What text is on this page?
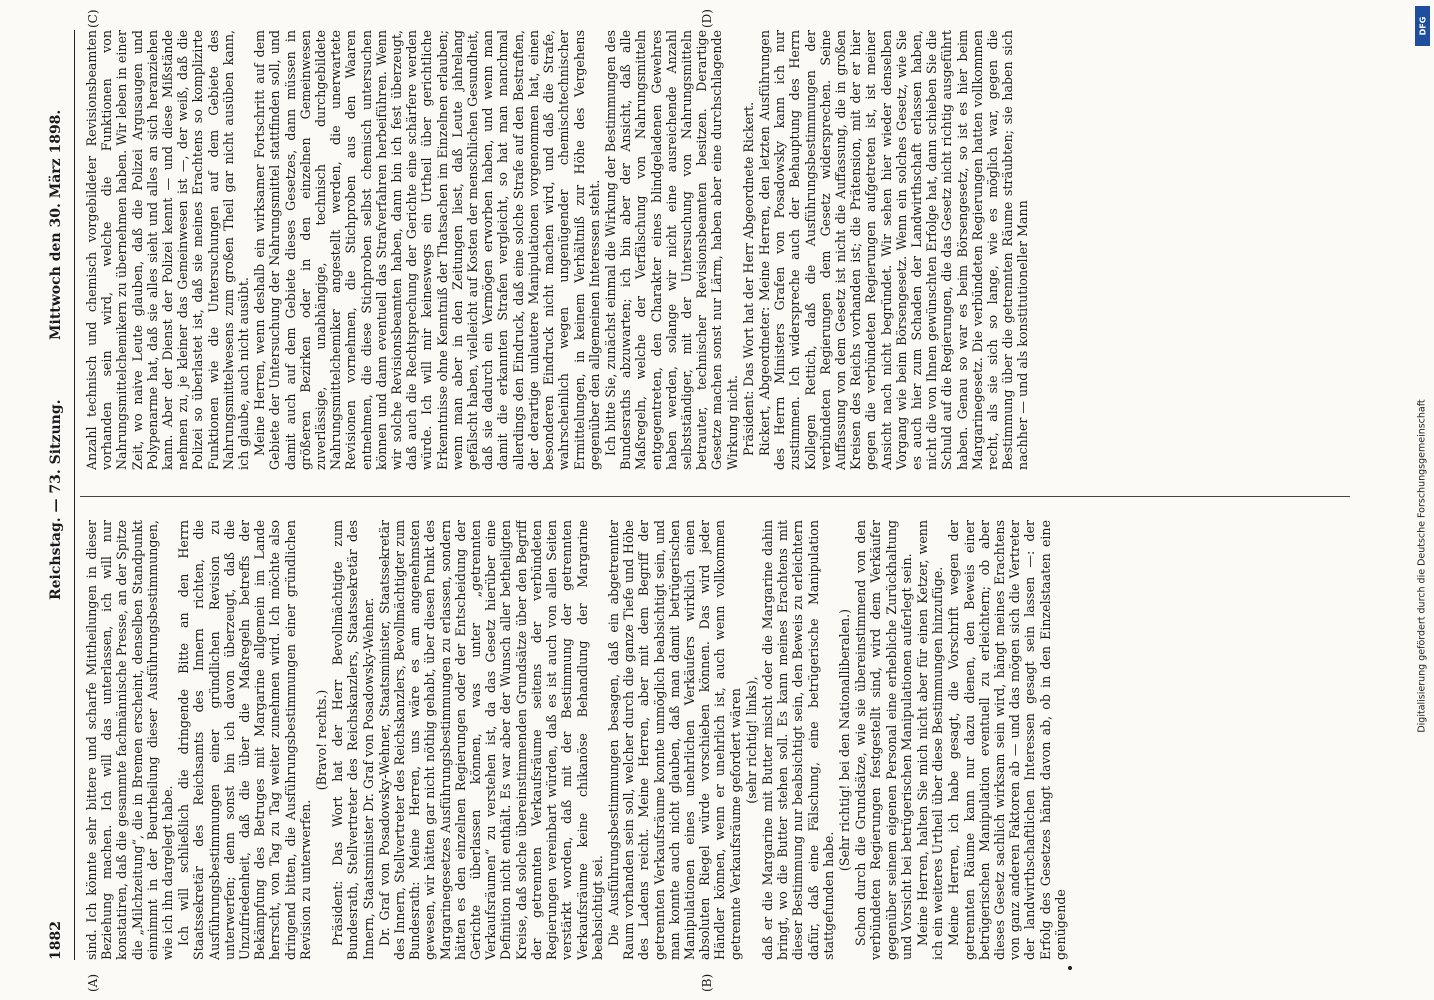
1882
Reichstag. — 73. Sitzung.
Mittwoch den 30. März 1898.
(A)	(B)
(C)	(D)

sind. Ich könnte sehr bittere und scharfe Mittheilungen in dieser Beziehung machen. Ich will das unterlassen, ich will nur konstatiren, daß die gesammte fachmännische Presse, an der Spitze die „Milchzeitung“, die in Bremen erscheint, denselben Standpunkt einnimmt in der Beurtheilung dieser Ausführungsbestimmungen, wie ich ihn dargelegt habe. Ich will schließlich die dringende Bitte an den Herrn Staatssekretär des Reichsamts des Innern richten, die Ausführungsbestimmungen einer gründlichen Revision zu unterwerfen; denn sonst bin ich davon überzeugt, daß die Unzufriedenheit, daß die über die Maßregeln betreffs der Bekämpfung des Betruges mit Margarine allgemein im Lande herrscht, von Tag zu Tag weiter zunehmen wird. Ich möchte also dringend bitten, die Ausführungsbestimmungen einer gründlichen Revision zu unterwerfen.

(Bravo! rechts.) Präsident: Das Wort hat der Herr Bevollmächtigte zum Bundesrath, Stellvertreter des Reichskanzlers, Staatssekretär des Innern, Staatsminister Dr. Graf von Posadowsky-Wehner. Dr. Graf von Posadowsky-Wehner, Staatsminister, Staatssekretär des Innern, Stellvertreter des Reichskanzlers, Bevollmächtigter zum Bundesrath: Meine Herren, uns wäre es am angenehmsten gewesen, wir hätten gar nicht nöthig gehabt, über diesen Punkt des Margarinegesetzes Ausführungsbestimmungen zu erlassen, sondern hätten es den einzelnen Regierungen oder der Entscheidung der Gerichte überlassen können, was unter „getrennten Verkaufsräumen“ zu verstehen ist, da das Gesetz hierüber eine Definition nicht enthält. Es war aber der Wunsch aller betheiligten Kreise, daß solche übereinstimmenden Grundsätze über den Begriff der getrennten Verkaufsräume seitens der verbündeten Regierungen vereinbart würden, daß es ist auch von allen Seiten verstärkt worden, daß mit der Bestimmung der getrennten Verkaufsräume keine chikanöse Behandlung der Margarine beabsichtigt sei. Die Ausführungsbestimmungen besagen, daß ein abgetrennter Raum vorhanden sein soll, welcher durch die ganze Tiefe und Höhe des Ladens reicht. Meine Herren, aber mit dem Begriff der getrennten Verkaufsräume konnte unmöglich beabsichtigt sein, und man konnte auch nicht glauben, daß man damit betrügerischen Manipulationen eines unehrlichen Verkäufers wirklich einen absoluten Riegel würde vorschieben können. Das wird jeder Händler können, wenn er unehrlich ist, auch wenn vollkommen getrennte Verkaufsräume gefordert wären (sehr richtig! links), daß er die Margarine mit Butter mischt oder die Margarine dahin bringt, wo die Butter stehen soll. Es kann meines Erachtens mit dieser Bestimmung nur beabsichtigt sein, den Beweis zu erleichtern dafür, daß eine Fälschung, eine betrügerische Manipulation stattgefunden habe.

(Sehr richtig! bei den Nationalliberalen.) Schon durch die Grundsätze, wie sie übereinstimmend von den verbündeten Regierungen festgestellt sind, wird dem Verkäufer gegenüber seinem eigenen Personal eine erhebliche Zurückhaltung und Vorsicht bei betrügerischen Manipulationen auferlegt sein. Meine Herren, halten Sie mich nicht aber für einen Ketzer, wenn ich ein weiteres Urtheil über diese Bestimmungen hinzufüge. Meine Herren, ich habe gesagt, die Vorschrift wegen der getrennten Räume kann nur dazu dienen, den Beweis einer betrügerischen Manipulation eventuell zu erleichtern; ob aber dieses Gesetz sachlich wirksam sein wird, hängt meines Erachtens von ganz anderen Faktoren ab — und das mögen sich die Vertreter der landwirthschaftlichen Interessen gesagt sein lassen —: der Erfolg des Gesetzes hängt davon ab, ob in den Einzelstaaten eine genügende

Anzahl technisch und chemisch vorgebildeter Revisionsbeamten vorhanden sein wird, welche die Funktionen von Nahrungsmittelchemikern zu übernehmen haben. Wir leben in einer Zeit, wo naive Leute glauben, daß die Polizei Argusaugen und Polypenarme hat, daß sie alles sieht und alles an sich heranziehen kann. Aber der Dienst der Polizei kennt — und diese Mißstände nehmen zu, je kleiner das Gemeinwesen ist —, der weiß, daß die Polizei so überlastet ist, daß sie meines Erachtens so komplizirte Funktionen wie die Untersuchungen auf dem Gebiete des Nahrungsmittelwesens zum großen Theil gar nicht ausüben kann, ich glaube, auch nicht ausübt. Meine Herren, wenn deshalb ein wirksamer Fortschritt auf dem Gebiete der Untersuchung der Nahrungsmittel stattfinden soll, und damit auch auf dem Gebiete dieses Gesetzes, dann müssen in größeren Bezirken oder in den einzelnen Gemeinwesen zuverlässige, unabhängige, technisch durchgebildete Nahrungsmittelchemiker angestellt werden, die unerwartete Revisionen vornehmen, die Stichproben aus den Waaren entnehmen, die diese Stichproben selbst chemisch untersuchen können und dann eventuell das Strafverfahren herbeiführen. Wenn wir solche Revisionsbeamten haben, dann bin ich fest überzeugt, daß auch die Rechtsprechung der Gerichte eine schärfere werden würde. Ich will mir keineswegs ein Urtheil über gerichtliche Erkenntnisse ohne Kenntniß der Thatsachen im Einzelnen erlauben; wenn man aber in den Zeitungen liest, daß Leute jahrelang gefälscht haben, vielleicht auf Kosten der menschlichen Gesundheit, daß sie dadurch ein Vermögen erworben haben, und wenn man damit die erkannten Strafen vergleicht, so hat man manchmal allerdings den Eindruck, daß eine solche Strafe auf den Bestraften, der derartige unlautere Manipulationen vorgenommen hat, einen besonderen Eindruck nicht machen wird, und daß die Strafe, wahrscheinlich wegen ungenügender chemischtechnischer Ermittelungen, in keinem Verhältniß zur Höhe des Vergehens gegenüber den allgemeinen Interessen steht. Ich bitte Sie, zunächst einmal die Wirkung der Bestimmungen des Bundesraths abzuwarten; ich bin aber der Ansicht, daß alle Maßregeln, welche der Verfälschung von Nahrungsmitteln entgegentreten, den Charakter eines blindgeladenen Gewehres haben werden, solange wir nicht eine ausreichende Anzahl selbstständiger, mit der Untersuchung von Nahrungsmitteln betrauter, technischer Revisionsbeamten besitzen. Derartige Gesetze machen sonst nur Lärm, haben aber eine durchschlagende Wirkung nicht. Präsident: Das Wort hat der Herr Abgeordnete Rickert. Rickert, Abgeordneter: Meine Herren, den letzten Ausführungen des Herrn Ministers Grafen von Posadowsky kann ich nur zustimmen. Ich widerspreche auch der Behauptung des Herrn Kollegen Rettich, daß die Ausführungsbestimmungen der verbündeten Regierungen dem Gesetz widersprechen. Seine Auffassung von dem Gesetz ist nicht die Auffassung, die in großen Kreisen des Reichs vorhanden ist; die Prätension, mit der er hier gegen die verbündeten Regierungen aufgetreten ist, ist meiner Ansicht nach nicht begründet. Wir sehen hier wieder denselben Vorgang wie beim Börsengesetz. Wenn ein solches Gesetz, wie Sie es auch hier zum Schaden der Landwirthschaft erlassen haben, nicht die von Ihnen gewünschten Erfolge hat, dann schieben Sie die Schuld auf die Regierungen, die das Gesetz nicht richtig ausgeführt haben. Genau so war es beim Börsengesetz, so ist es hier beim Margarinegesetz. Die verbündeten Regierungen hatten vollkommen recht, als sie sich so lange, wie es möglich war, gegen die Bestimmung über die getrennten Räume sträubten; sie haben sich nachher — und als konstitutioneller Mann

DFG
Digitalisierung gefördert durch die Deutsche Forschungsgemeinschaft
